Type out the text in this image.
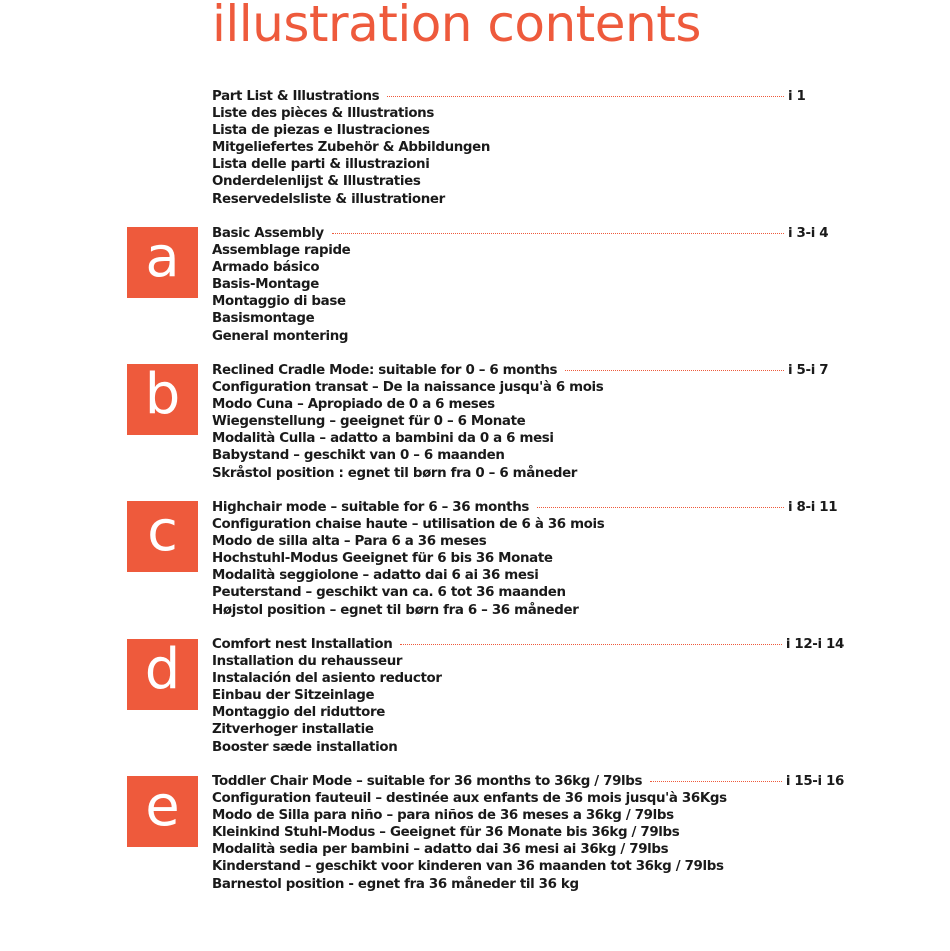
illustration contents
Part List & Illustrations	i 1
Liste des pièces & Illustrations
Lista de piezas e Ilustraciones
Mitgeliefertes Zubehör & Abbildungen
Lista delle parti & illustrazioni
Onderdelenlijst & Illustraties
Reservedelsliste & illustrationer
a	Basic Assembly	i 3-i 4
Assemblage rapide
Armado básico
Basis-Montage
Montaggio di base
Basismontage
General montering
b	Reclined Cradle Mode: suitable for 0 – 6 months	i 5-i 7
Configuration transat – De la naissance jusqu'à 6 mois
Modo Cuna – Apropiado de 0 a 6 meses
Wiegenstellung – geeignet für 0 – 6 Monate
Modalità Culla – adatto a bambini da 0 a 6 mesi
Babystand – geschikt van 0 – 6 maanden
Skråstol position : egnet til børn fra 0 – 6 måneder
c	Highchair mode – suitable for 6 – 36 months	i 8-i 11
Configuration chaise haute – utilisation de 6 à 36 mois
Modo de silla alta – Para 6 a 36 meses
Hochstuhl-Modus Geeignet für 6 bis 36 Monate
Modalità seggiolone – adatto dai 6 ai 36 mesi
Peuterstand – geschikt van ca. 6 tot 36 maanden
Højstol position – egnet til børn fra 6 – 36 måneder
d	Comfort nest Installation	i 12-i 14
Installation du rehausseur
Instalación del asiento reductor
Einbau der Sitzeinlage
Montaggio del riduttore
Zitverhoger installatie
Booster sæde installation
e	Toddler Chair Mode – suitable for 36 months to 36kg / 79lbs	i 15-i 16
Configuration fauteuil – destinée aux enfants de 36 mois jusqu'à 36Kgs
Modo de Silla para niño – para niños de 36 meses a 36kg / 79lbs
Kleinkind Stuhl-Modus – Geeignet für 36 Monate bis 36kg / 79lbs
Modalità sedia per bambini – adatto dai 36 mesi ai 36kg / 79lbs
Kinderstand – geschikt voor kinderen van 36 maanden tot 36kg / 79lbs
Barnestol position - egnet fra 36 måneder til 36 kg
